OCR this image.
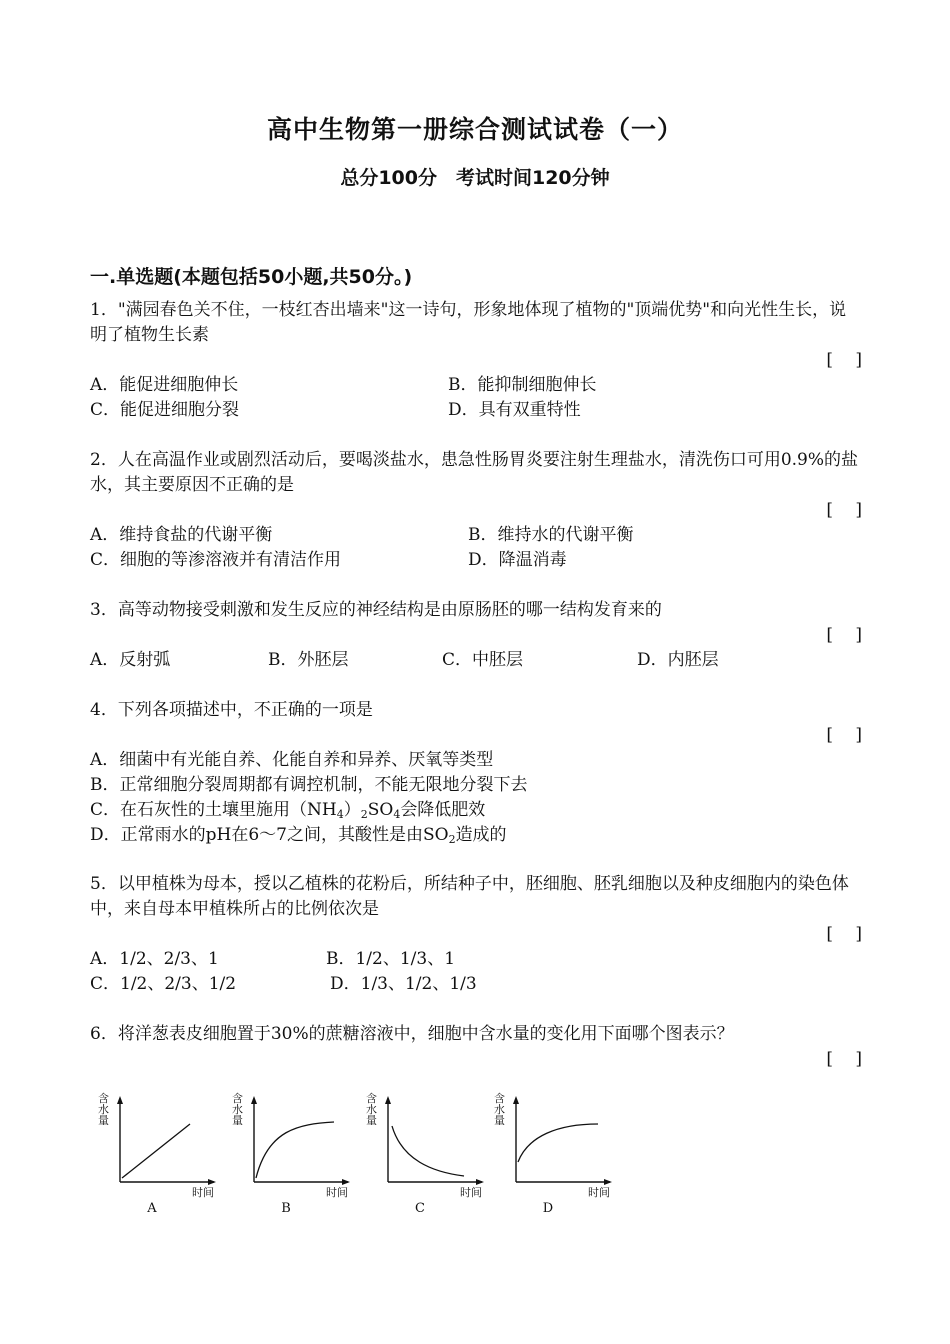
高中生物第一册综合测试试卷（一）
总分100分　考试时间120分钟
一.单选题(本题包括50小题,共50分。)

1．"满园春色关不住，一枝红杏出墙来"这一诗句，形象地体现了植物的"顶端优势"和向光性生长，说明了植物生长素

[　 ]

A．能促进细胞伸长	B．能抑制细胞伸长
C．能促进细胞分裂	D．具有双重特性

2．人在高温作业或剧烈活动后，要喝淡盐水，患急性肠胃炎要注射生理盐水，清洗伤口可用0.9%的盐水，其主要原因不正确的是

[　 ]

A．维持食盐的代谢平衡	B．维持水的代谢平衡
C．细胞的等渗溶液并有清洁作用	D．降温消毒

3．高等动物接受刺激和发生反应的神经结构是由原肠胚的哪一结构发育来的

[　 ]

A．反射弧	B．外胚层	C．中胚层	D．内胚层

4．下列各项描述中，不正确的一项是

[　 ]

A．细菌中有光能自养、化能自养和异养、厌氧等类型
B．正常细胞分裂周期都有调控机制，不能无限地分裂下去
C．在石灰性的土壤里施用$(NH_4)_2SO_4$会降低肥效
D．正常雨水的pH在6～7之间，其酸性是由$SO_2$造成的

5．以甲植株为母本，授以乙植株的花粉后，所结种子中，胚细胞、胚乳细胞以及种皮细胞内的染色体中，来自母本甲植株所占的比例依次是

[　 ]

A．1/2、2/3、1	B．1/2、1/3、1
C．1/2、2/3、1/2	D．1/3、1/2、1/3

6．将洋葱表皮细胞置于30%的蔗糖溶液中，细胞中含水量的变化用下面哪个图表示？

[　 ]

含水量
时间
A
含水量
时间
B
含水量
时间
C
含水量
时间
D
